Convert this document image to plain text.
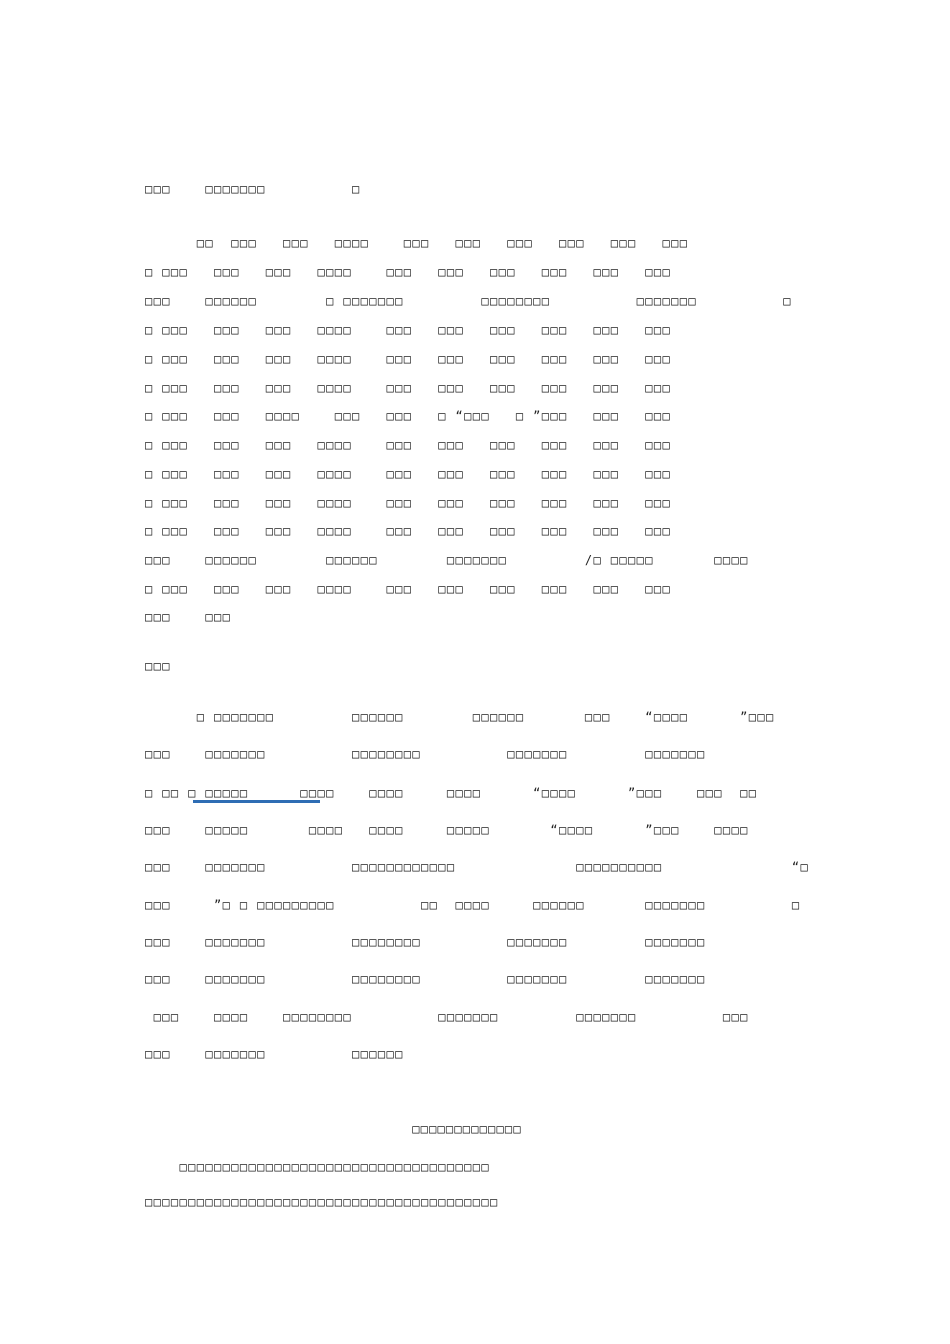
□□□    □□□□□□□          □
□□  □□□   □□□   □□□□    □□□   □□□   □□□   □□□   □□□   □□□
□ □□□   □□□   □□□   □□□□    □□□   □□□   □□□   □□□   □□□   □□□
□□□    □□□□□□        □ □□□□□□□         □□□□□□□□          □□□□□□□          □
□ □□□   □□□   □□□   □□□□    □□□   □□□   □□□   □□□   □□□   □□□
□ □□□   □□□   □□□   □□□□    □□□   □□□   □□□   □□□   □□□   □□□
□ □□□   □□□   □□□   □□□□    □□□   □□□   □□□   □□□   □□□   □□□
□ □□□   □□□   □□□□    □□□   □□□   □ “□□□   □ ”□□□   □□□   □□□
□ □□□   □□□   □□□   □□□□    □□□   □□□   □□□   □□□   □□□   □□□
□ □□□   □□□   □□□   □□□□    □□□   □□□   □□□   □□□   □□□   □□□
□ □□□   □□□   □□□   □□□□    □□□   □□□   □□□   □□□   □□□   □□□
□ □□□   □□□   □□□   □□□□    □□□   □□□   □□□   □□□   □□□   □□□
□□□    □□□□□□        □□□□□□        □□□□□□□         /□ □□□□□       □□□□
□ □□□   □□□   □□□   □□□□    □□□   □□□   □□□   □□□   □□□   □□□
□□□    □□□
□□□
□ □□□□□□□         □□□□□□        □□□□□□       □□□    “□□□□      ”□□□
□□□    □□□□□□□          □□□□□□□□          □□□□□□□         □□□□□□□
□ □□ □ □□□□□      □□□□    □□□□     □□□□      “□□□□      ”□□□    □□□  □□
□□□    □□□□□       □□□□   □□□□     □□□□□       “□□□□      ”□□□    □□□□
□□□    □□□□□□□          □□□□□□□□□□□□              □□□□□□□□□□               “□
□□□     ”□ □ □□□□□□□□□          □□  □□□□     □□□□□□       □□□□□□□          □
□□□    □□□□□□□          □□□□□□□□          □□□□□□□         □□□□□□□
□□□    □□□□□□□          □□□□□□□□          □□□□□□□         □□□□□□□
□□□    □□□□    □□□□□□□□          □□□□□□□         □□□□□□□          □□□
□□□    □□□□□□□          □□□□□□
□□□□□□□□□□□□□
□□□□□□□□□□□□□□□□□□□□□□□□□□□□□□□□□□□□
□□□□□□□□□□□□□□□□□□□□□□□□□□□□□□□□□□□□□□□□□
